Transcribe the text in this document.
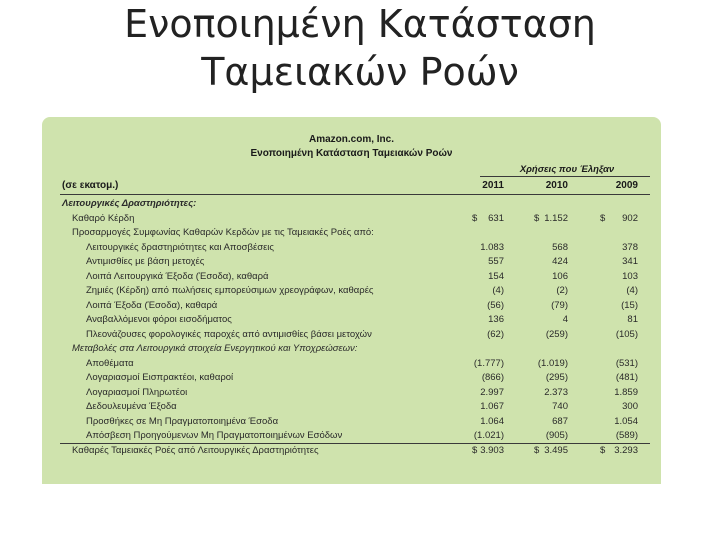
Ενοποιημένη Κατάσταση
Ταμειακών Ροών
Amazon.com, Inc.
Ενοποιημένη Κατάσταση Ταμειακών Ροών
Χρήσεις που Έληξαν
(σε εκατομ.)	2011	2010	2009
Λειτουργικές Δραστηριότητες:
Καθαρό Κέρδη	$	631	$ 1.152	$	902
Προσαρμογές Συμφωνίας Καθαρών Κερδών με τις Ταμειακές Ροές από:
Λειτουργικές δραστηριότητες και Αποσβέσεις	1.083	568	378
Αντιμισθίες με βάση μετοχές	557	424	341
Λοιπά Λειτουργικά Έξοδα (Έσοδα), καθαρά	154	106	103
Ζημιές (Κέρδη) από πωλήσεις εμπορεύσιμων χρεογράφων, καθαρές	(4)	(2)	(4)
Λοιπά Έξοδα (Έσοδα), καθαρά	(56)	(79)	(15)
Αναβαλλόμενοι φόροι εισοδήματος	136	4	81
Πλεονάζουσες φορολογικές παροχές από αντιμισθίες βάσει μετοχών	(62)	(259)	(105)
Μεταβολές στα Λειτουργικά στοιχεία Ενεργητικού και Υποχρεώσεων:
Αποθέματα	(1.777)	(1.019)	(531)
Λογαριασμοί Εισπρακτέοι, καθαροί	(866)	(295)	(481)
Λογαριασμοί Πληρωτέοι	2.997	2.373	1.859
Δεδουλευμένα Έξοδα	1.067	740	300
Προσθήκες σε Μη Πραγματοποιημένα Έσοδα	1.064	687	1.054
Απόσβεση Προηγούμενων Μη Πραγματοποιημένων Εσόδων	(1.021)	(905)	(589)
Καθαρές Ταμειακές Ροές από Λειτουργικές Δραστηριότητες	$ 3.903	$ 3.495	$ 3.293
